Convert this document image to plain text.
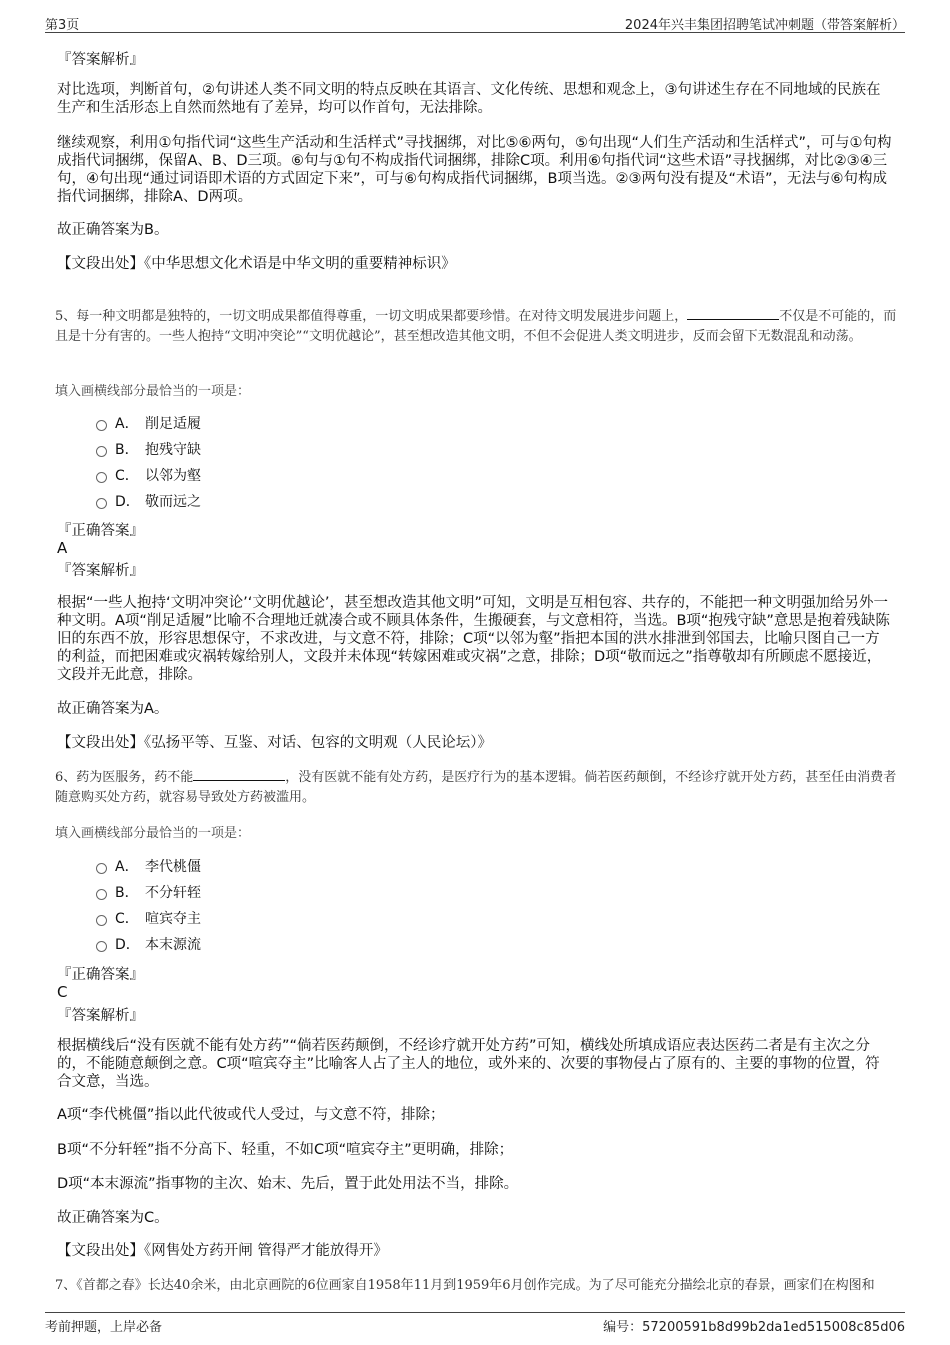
第3页	2024年兴丰集团招聘笔试冲刺题（带答案解析）
『答案解析』
对比选项，判断首句，②句讲述人类不同文明的特点反映在其语言、文化传统、思想和观念上，③句讲述生存在不同地域的民族在生产和生活形态上自然而然地有了差异，均可以作首句，无法排除。
继续观察，利用①句指代词“这些生产活动和生活样式”寻找捆绑，对比⑤⑥两句，⑤句出现“人们生产活动和生活样式”，可与①句构成指代词捆绑，保留A、B、D三项。⑥句与①句不构成指代词捆绑，排除C项。利用⑥句指代词“这些术语”寻找捆绑，对比②③④三句，④句出现“通过词语即术语的方式固定下来”，可与⑥句构成指代词捆绑，B项当选。②③两句没有提及“术语”，无法与⑥句构成指代词捆绑，排除A、D两项。
故正确答案为B。
【文段出处】《中华思想文化术语是中华文明的重要精神标识》
5、每一种文明都是独特的，一切文明成果都值得尊重，一切文明成果都要珍惜。在对待文明发展进步问题上，	不仅是不可能的，而且是十分有害的。一些人抱持“文明冲突论”“文明优越论”，甚至想改造其他文明，不但不会促进人类文明进步，反而会留下无数混乱和动荡。
填入画横线部分最恰当的一项是：
A． 削足适履
B． 抱残守缺
C． 以邻为壑
D． 敬而远之
『正确答案』
A
『答案解析』
根据“一些人抱持‘文明冲突论’‘文明优越论’，甚至想改造其他文明”可知，文明是互相包容、共存的，不能把一种文明强加给另外一种文明。A项“削足适履”比喻不合理地迁就凑合或不顾具体条件，生搬硬套，与文意相符，当选。B项“抱残守缺”意思是抱着残缺陈旧的东西不放，形容思想保守，不求改进，与文意不符，排除；C项“以邻为壑”指把本国的洪水排泄到邻国去，比喻只图自己一方的利益，而把困难或灾祸转嫁给别人，文段并未体现“转嫁困难或灾祸”之意，排除；D项“敬而远之”指尊敬却有所顾虑不愿接近，文段并无此意，排除。
故正确答案为A。
【文段出处】《弘扬平等、互鉴、对话、包容的文明观（人民论坛）》
6、药为医服务，药不能	，没有医就不能有处方药，是医疗行为的基本逻辑。倘若医药颠倒，不经诊疗就开处方药，甚至任由消费者随意购买处方药，就容易导致处方药被滥用。
填入画横线部分最恰当的一项是：
A． 李代桃僵
B． 不分轩轾
C． 喧宾夺主
D． 本末源流
『正确答案』
C
『答案解析』
根据横线后“没有医就不能有处方药”“倘若医药颠倒，不经诊疗就开处方药”可知，横线处所填成语应表达医药二者是有主次之分的，不能随意颠倒之意。C项“喧宾夺主”比喻客人占了主人的地位，或外来的、次要的事物侵占了原有的、主要的事物的位置，符合文意，当选。
A项“李代桃僵”指以此代彼或代人受过，与文意不符，排除；
B项“不分轩轾”指不分高下、轻重，不如C项“喧宾夺主”更明确，排除；
D项“本末源流”指事物的主次、始末、先后，置于此处用法不当，排除。
故正确答案为C。
【文段出处】《网售处方药开闸 管得严才能放得开》
7、《首都之春》长达40余米，由北京画院的6位画家自1958年11月到1959年6月创作完成。为了尽可能充分描绘北京的春景，画家们在构图和
考前押题，上岸必备	编号：57200591b8d99b2da1ed515008c85d06
